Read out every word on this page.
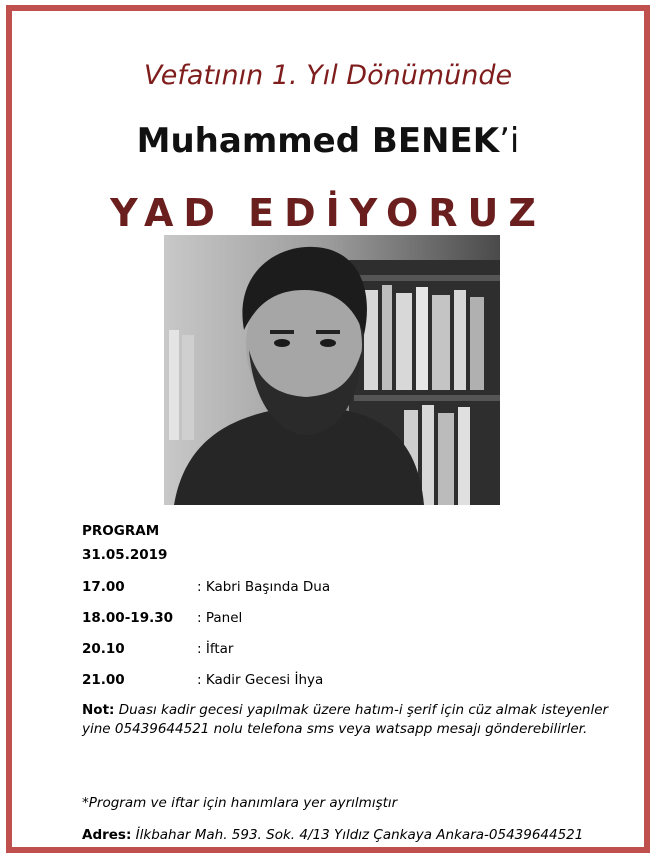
Vefatının 1. Yıl Dönümünde
Muhammed BENEK’i
YAD EDİYORUZ
PROGRAM
31.05.2019
17.00	: Kabri Başında Dua
18.00-19.30	: Panel
20.10	: İftar
21.00	: Kadir Gecesi İhya
Not: Duası kadir gecesi yapılmak üzere hatım-i şerif için cüz almak isteyenler yine 05439644521 nolu telefona sms veya watsapp mesajı gönderebilirler.
*Program ve iftar için hanımlara yer ayrılmıştır
Adres: İlkbahar Mah. 593. Sok. 4/13 Yıldız Çankaya Ankara-05439644521
